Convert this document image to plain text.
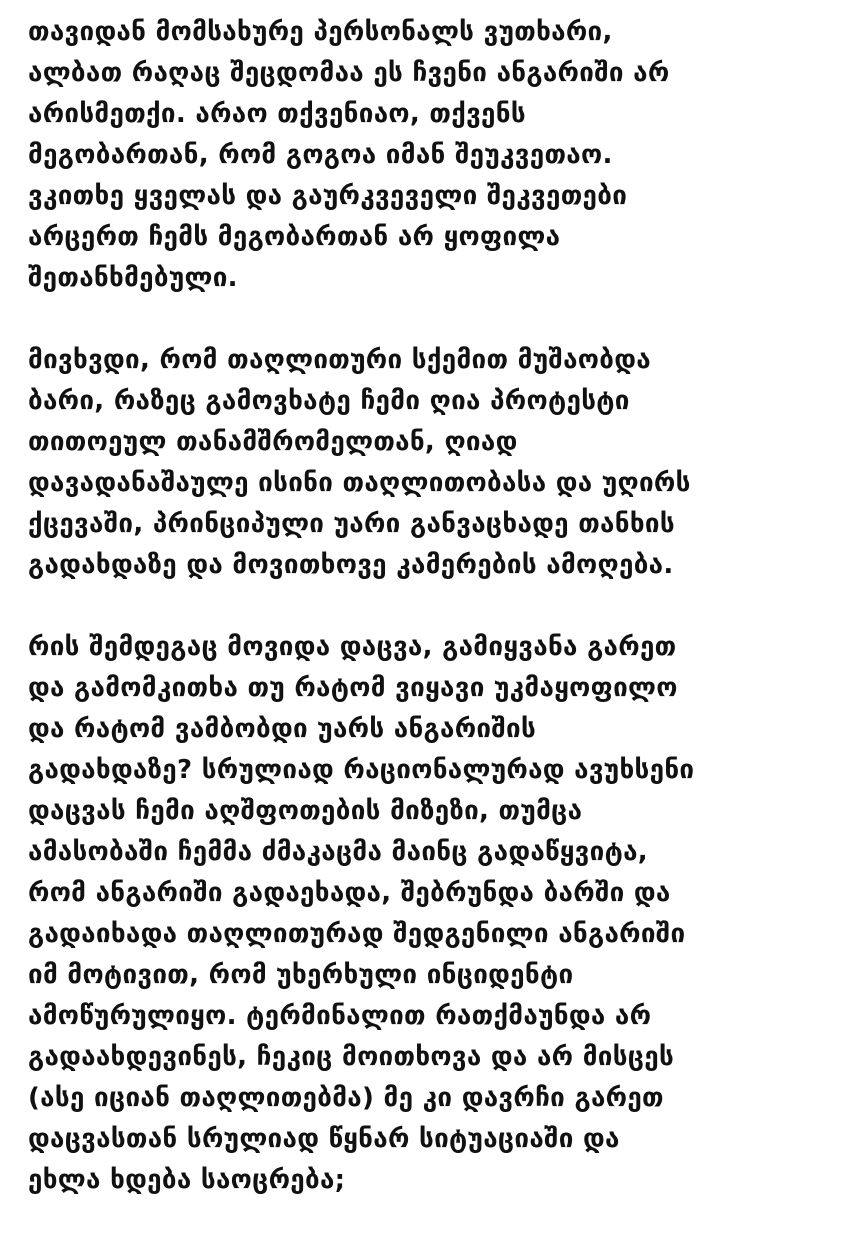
თავიდან მომსახურე პერსონალს ვუთხარი,
ალბათ რაღაც შეცდომაა ეს ჩვენი ანგარიში არ
არისმეთქი. არაო თქვენიაო, თქვენს
მეგობართან, რომ გოგოა იმან შეუკვეთაო.
ვკითხე ყველას და გაურკვეველი შეკვეთები
არცერთ ჩემს მეგობართან არ ყოფილა
შეთანხმებული.
მივხვდი, რომ თაღლითური სქემით მუშაობდა
ბარი, რაზეც გამოვხატე ჩემი ღია პროტესტი
თითოეულ თანამშრომელთან, ღიად
დავადანაშაულე ისინი თაღლითობასა და უღირს
ქცევაში, პრინციპული უარი განვაცხადე თანხის
გადახდაზე და მოვითხოვე კამერების ამოღება.
რის შემდეგაც მოვიდა დაცვა, გამიყვანა გარეთ
და გამომკითხა თუ რატომ ვიყავი უკმაყოფილო
და რატომ ვამბობდი უარს ანგარიშის
გადახდაზე? სრულიად რაციონალურად ავუხსენი
დაცვას ჩემი აღშფოთების მიზეზი, თუმცა
ამასობაში ჩემმა ძმაკაცმა მაინც გადაწყვიტა,
რომ ანგარიში გადაეხადა, შებრუნდა ბარში და
გადაიხადა თაღლითურად შედგენილი ანგარიში
იმ მოტივით, რომ უხერხული ინციდენტი
ამოწურულიყო. ტერმინალით რათქმაუნდა არ
გადაახდევინეს, ჩეკიც მოითხოვა და არ მისცეს
(ასე იციან თაღლითებმა) მე კი დავრჩი გარეთ
დაცვასთან სრულიად წყნარ სიტუაციაში და
ეხლა ხდება საოცრება;
